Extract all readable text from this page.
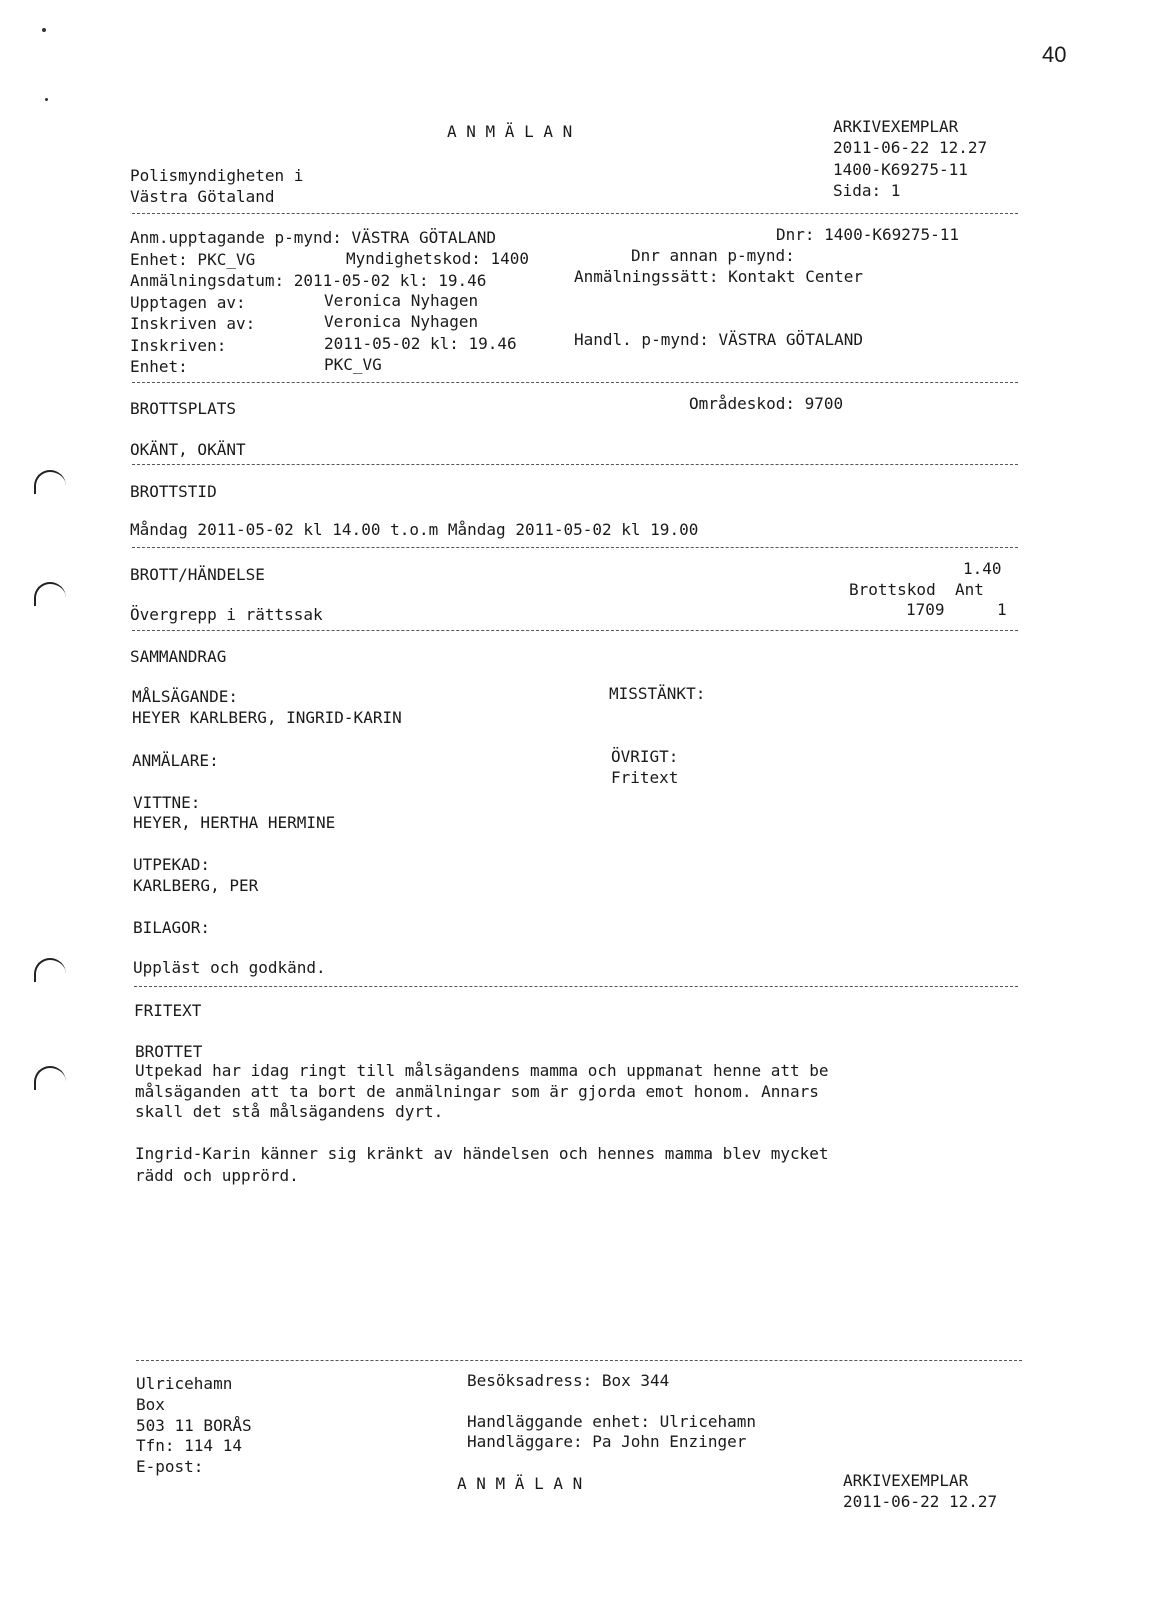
40
A N M Ä L A N	ARKIVEXEMPLAR
2011-06-22 12.27
1400-K69275-11
Sida: 1
Polismyndigheten i
Västra Götaland
Anm.upptagande p-mynd: VÄSTRA GÖTALAND	Dnr: 1400-K69275-11
Enhet: PKC_VG	Myndighetskod: 1400	Dnr annan p-mynd:
Anmälningsdatum: 2011-05-02 kl: 19.46	Anmälningssätt: Kontakt Center
Upptagen av:	Veronica Nyhagen
Inskriven av:	Veronica Nyhagen
Inskriven:	2011-05-02 kl: 19.46	Handl. p-mynd: VÄSTRA GÖTALAND
Enhet:	PKC_VG
BROTTSPLATS	Områdeskod: 9700
OKÄNT, OKÄNT
BROTTSTID
Måndag 2011-05-02 kl 14.00 t.o.m Måndag 2011-05-02 kl 19.00
BROTT/HÄNDELSE	1.40
Brottskod  Ant
Övergrepp i rättssak	1709	1
SAMMANDRAG
MÅLSÄGANDE:
HEYER KARLBERG, INGRID-KARIN
MISSTÄNKT:
ANMÄLARE:	ÖVRIGT:
Fritext
VITTNE:
HEYER, HERTHA HERMINE
UTPEKAD:
KARLBERG, PER
BILAGOR:
Uppläst och godkänd.
FRITEXT
BROTTET
Utpekad har idag ringt till målsägandens mamma och uppmanat henne att be
målsäganden att ta bort de anmälningar som är gjorda emot honom. Annars
skall det stå målsägandens dyrt.
Ingrid-Karin känner sig kränkt av händelsen och hennes mamma blev mycket
rädd och upprörd.
Ulricehamn
Box
503 11 BORÅS
Tfn: 114 14
E-post:
Besöksadress: Box 344
Handläggande enhet: Ulricehamn
Handläggare: Pa John Enzinger
A N M Ä L A N	ARKIVEXEMPLAR
2011-06-22 12.27
